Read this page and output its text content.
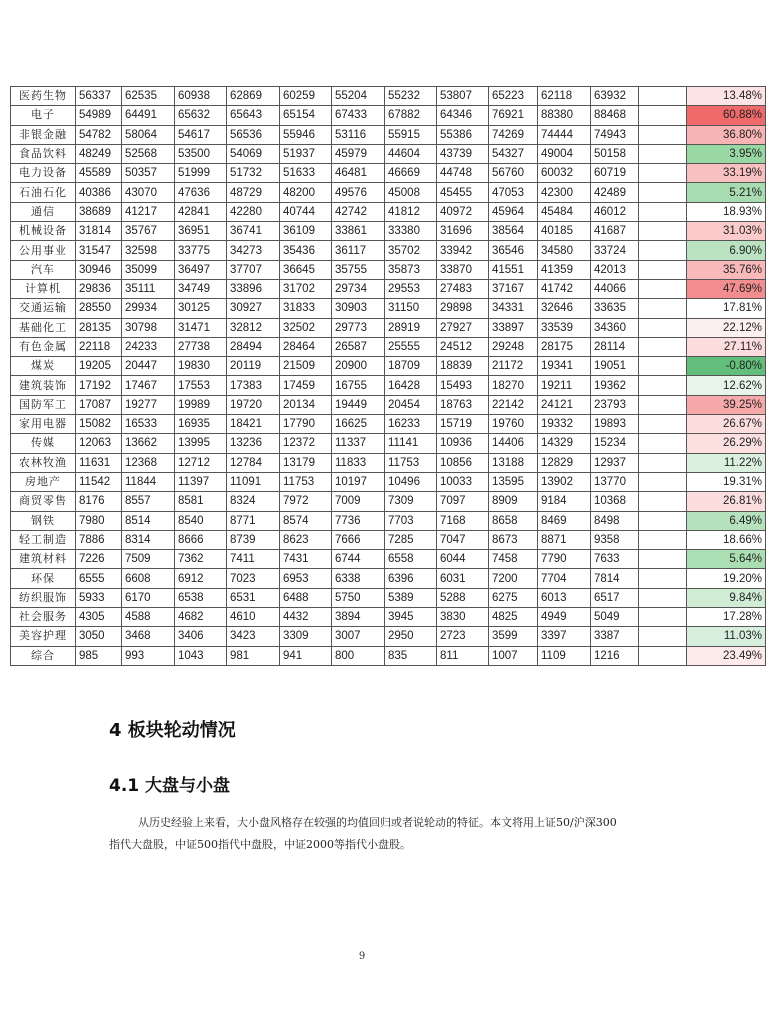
医药生物	56337	62535	60938	62869	60259	55204	55232	53807	65223	62118	63932		13.48%
电子	54989	64491	65632	65643	65154	67433	67882	64346	76921	88380	88468		60.88%
非银金融	54782	58064	54617	56536	55946	53116	55915	55386	74269	74444	74943		36.80%
食品饮料	48249	52568	53500	54069	51937	45979	44604	43739	54327	49004	50158		3.95%
电力设备	45589	50357	51999	51732	51633	46481	46669	44748	56760	60032	60719		33.19%
石油石化	40386	43070	47636	48729	48200	49576	45008	45455	47053	42300	42489		5.21%
通信	38689	41217	42841	42280	40744	42742	41812	40972	45964	45484	46012		18.93%
机械设备	31814	35767	36951	36741	36109	33861	33380	31696	38564	40185	41687		31.03%
公用事业	31547	32598	33775	34273	35436	36117	35702	33942	36546	34580	33724		6.90%
汽车	30946	35099	36497	37707	36645	35755	35873	33870	41551	41359	42013		35.76%
计算机	29836	35111	34749	33896	31702	29734	29553	27483	37167	41742	44066		47.69%
交通运输	28550	29934	30125	30927	31833	30903	31150	29898	34331	32646	33635		17.81%
基础化工	28135	30798	31471	32812	32502	29773	28919	27927	33897	33539	34360		22.12%
有色金属	22118	24233	27738	28494	28464	26587	25555	24512	29248	28175	28114		27.11%
煤炭	19205	20447	19830	20119	21509	20900	18709	18839	21172	19341	19051		-0.80%
建筑装饰	17192	17467	17553	17383	17459	16755	16428	15493	18270	19211	19362		12.62%
国防军工	17087	19277	19989	19720	20134	19449	20454	18763	22142	24121	23793		39.25%
家用电器	15082	16533	16935	18421	17790	16625	16233	15719	19760	19332	19893		26.67%
传媒	12063	13662	13995	13236	12372	11337	11141	10936	14406	14329	15234		26.29%
农林牧渔	11631	12368	12712	12784	13179	11833	11753	10856	13188	12829	12937		11.22%
房地产	11542	11844	11397	11091	11753	10197	10496	10033	13595	13902	13770		19.31%
商贸零售	8176	8557	8581	8324	7972	7009	7309	7097	8909	9184	10368		26.81%
钢铁	7980	8514	8540	8771	8574	7736	7703	7168	8658	8469	8498		6.49%
轻工制造	7886	8314	8666	8739	8623	7666	7285	7047	8673	8871	9358		18.66%
建筑材料	7226	7509	7362	7411	7431	6744	6558	6044	7458	7790	7633		5.64%
环保	6555	6608	6912	7023	6953	6338	6396	6031	7200	7704	7814		19.20%
纺织服饰	5933	6170	6538	6531	6488	5750	5389	5288	6275	6013	6517		9.84%
社会服务	4305	4588	4682	4610	4432	3894	3945	3830	4825	4949	5049		17.28%
美容护理	3050	3468	3406	3423	3309	3007	2950	2723	3599	3397	3387		11.03%
综合	985	993	1043	981	941	800	835	811	1007	1109	1216		23.49%
4 板块轮动情况
4.1 大盘与小盘

从历史经验上来看，大小盘风格存在较强的均值回归或者说轮动的特征。本文将用上证50/沪深300指代大盘股，中证500指代中盘股，中证2000等指代小盘股。

9
